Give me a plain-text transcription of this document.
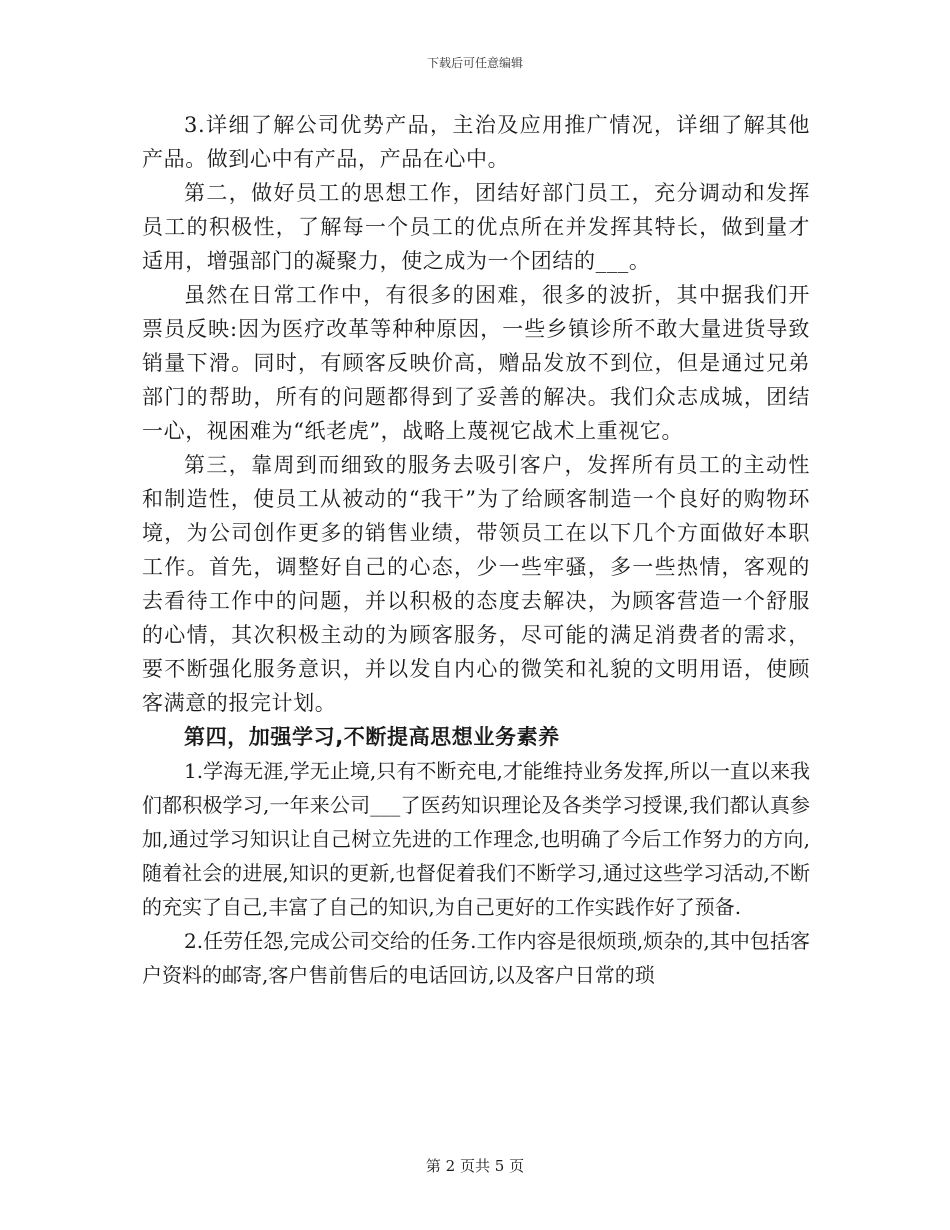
下载后可任意编辑

3.详细了解公司优势产品，主治及应用推广情况，详细了解其他产品。做到心中有产品，产品在心中。

第二，做好员工的思想工作，团结好部门员工，充分调动和发挥员工的积极性，了解每一个员工的优点所在并发挥其特长，做到量才适用，增强部门的凝聚力，使之成为一个团结的___。

虽然在日常工作中，有很多的困难，很多的波折，其中据我们开票员反映:因为医疗改革等种种原因，一些乡镇诊所不敢大量进货导致销量下滑。同时，有顾客反映价高，赠品发放不到位，但是通过兄弟部门的帮助，所有的问题都得到了妥善的解决。我们众志成城，团结一心，视困难为“纸老虎”，战略上蔑视它战术上重视它。

第三，靠周到而细致的服务去吸引客户，发挥所有员工的主动性和制造性，使员工从被动的“我干”为了给顾客制造一个良好的购物环境，为公司创作更多的销售业绩，带领员工在以下几个方面做好本职工作。首先，调整好自己的心态，少一些牢骚，多一些热情，客观的去看待工作中的问题，并以积极的态度去解决，为顾客营造一个舒服的心情，其次积极主动的为顾客服务，尽可能的满足消费者的需求，要不断强化服务意识，并以发自内心的微笑和礼貌的文明用语，使顾客满意的报完计划。

第四，加强学习,不断提高思想业务素养

1.学海无涯,学无止境,只有不断充电,才能维持业务发挥,所以一直以来我们都积极学习,一年来公司___了医药知识理论及各类学习授课,我们都认真参加,通过学习知识让自己树立先进的工作理念,也明确了今后工作努力的方向,随着社会的进展,知识的更新,也督促着我们不断学习,通过这些学习活动,不断的充实了自己,丰富了自己的知识,为自己更好的工作实践作好了预备.

2.任劳任怨,完成公司交给的任务.工作内容是很烦琐,烦杂的,其中包括客户资料的邮寄,客户售前售后的电话回访,以及客户日常的琐

第 2 页共 5 页
